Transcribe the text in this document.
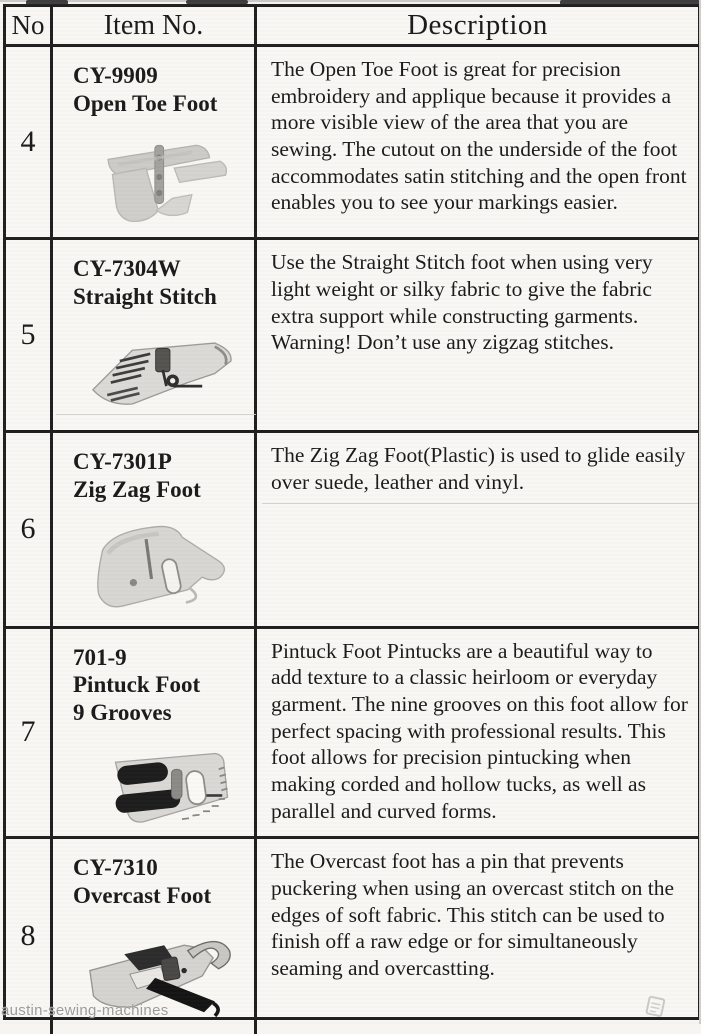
No	Item No.	Description
4
CY-9909
Open Toe Foot

The Open Toe Foot is great for precision embroidery and applique because it provides a more visible view of the area that you are sewing. The cutout on the underside of the foot accommodates satin stitching and the open front enables you to see your markings easier.

5
CY-7304W
Straight Stitch

Use the Straight Stitch foot when using very light weight or silky fabric to give the fabric extra support while constructing garments. Warning! Don’t use any zigzag stitches.

6
CY-7301P
Zig Zag Foot

The Zig Zag Foot(Plastic) is used to glide easily over suede, leather and vinyl.

7
701-9
Pintuck Foot
9 Grooves

Pintuck Foot Pintucks are a beautiful way to add texture to a classic heirloom or everyday garment. The nine grooves on this foot allow for perfect spacing with professional results. This foot allows for precision pintucking when making corded and hollow tucks, as well as parallel and curved forms.

8
CY-7310
Overcast Foot

The Overcast foot has a pin that prevents puckering when using an overcast stitch on the edges of soft fabric. This stitch can be used to finish off a raw edge or for simultaneously seaming and overcastting.

austin-sewing-machines
